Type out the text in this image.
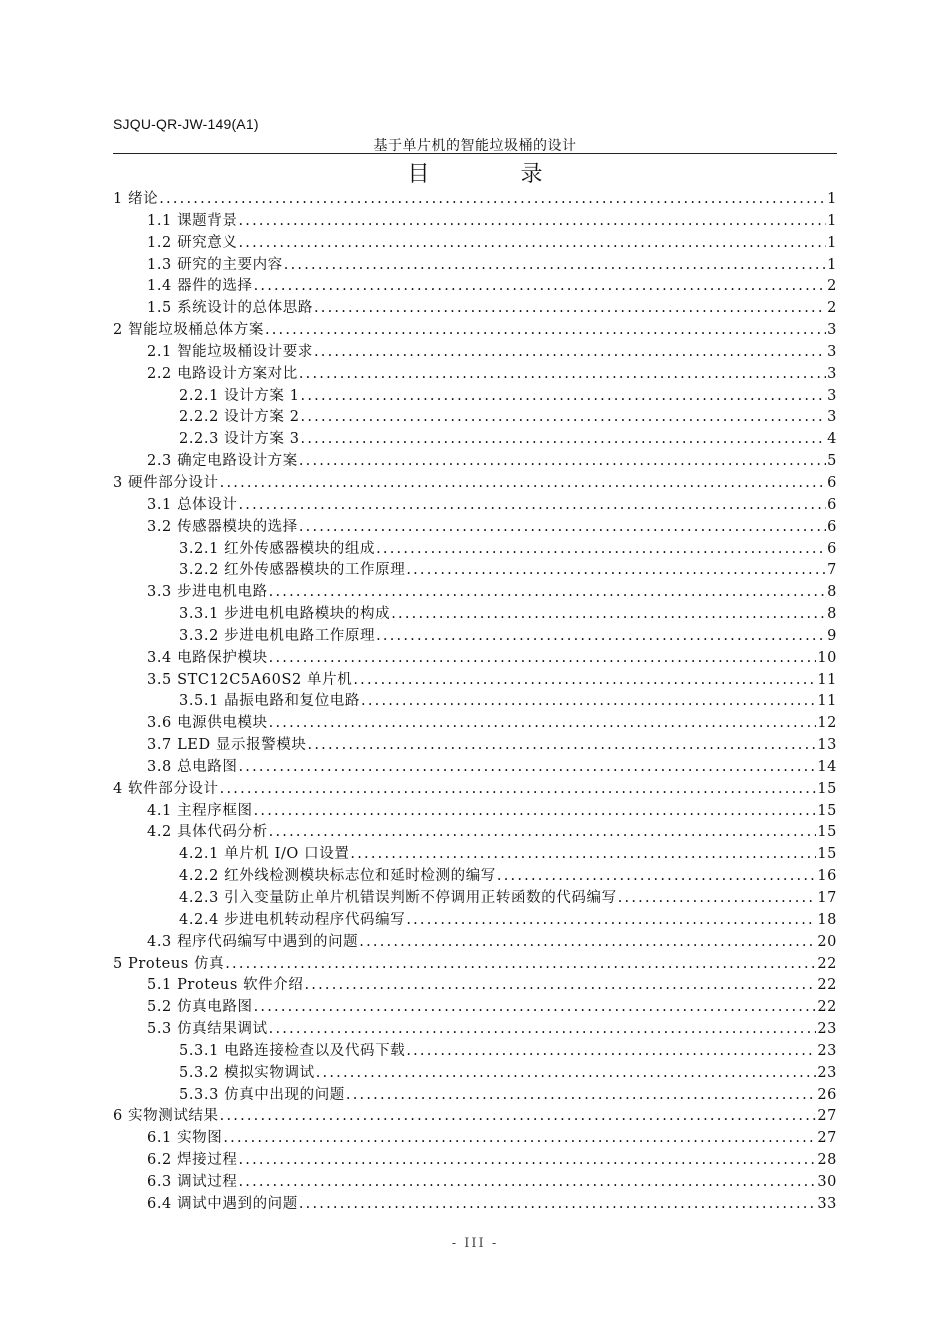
SJQU-QR-JW-149(A1)
基于单片机的智能垃圾桶的设计
目 录
1 绪论 .....	1
1.1 课题背景 .....	1
1.2 研究意义 .....	1
1.3 研究的主要内容 .....	1
1.4 器件的选择 .....	2
1.5 系统设计的总体思路 .....	2
2 智能垃圾桶总体方案 .....	3
2.1 智能垃圾桶设计要求 .....	3
2.2 电路设计方案对比 .....	3
2.2.1 设计方案 1 .....	3
2.2.2 设计方案 2 .....	3
2.2.3 设计方案 3 .....	4
2.3 确定电路设计方案 .....	5
3 硬件部分设计 .....	6
3.1 总体设计 .....	6
3.2 传感器模块的选择 .....	6
3.2.1 红外传感器模块的组成 .....	6
3.2.2 红外传感器模块的工作原理 .....	7
3.3 步进电机电路 .....	8
3.3.1 步进电机电路模块的构成 .....	8
3.3.2 步进电机电路工作原理 .....	9
3.4 电路保护模块 .....	10
3.5 STC12C5A60S2 单片机 .....	11
3.5.1 晶振电路和复位电路 .....	11
3.6 电源供电模块 .....	12
3.7 LED 显示报警模块 .....	13
3.8 总电路图 .....	14
4 软件部分设计 .....	15
4.1 主程序框图 .....	15
4.2 具体代码分析 .....	15
4.2.1 单片机 I/O 口设置 .....	15
4.2.2 红外线检测模块标志位和延时检测的编写 .....	16
4.2.3 引入变量防止单片机错误判断不停调用正转函数的代码编写 .....	17
4.2.4 步进电机转动程序代码编写 .....	18
4.3 程序代码编写中遇到的问题 .....	20
5 Proteus 仿真 .....	22
5.1 Proteus 软件介绍 .....	22
5.2 仿真电路图 .....	22
5.3 仿真结果调试 .....	23
5.3.1 电路连接检查以及代码下载 .....	23
5.3.2 模拟实物调试 .....	23
5.3.3 仿真中出现的问题 .....	26
6 实物测试结果 .....	27
6.1 实物图 .....	27
6.2 焊接过程 .....	28
6.3 调试过程 .....	30
6.4 调试中遇到的问题 .....	33
- III -
